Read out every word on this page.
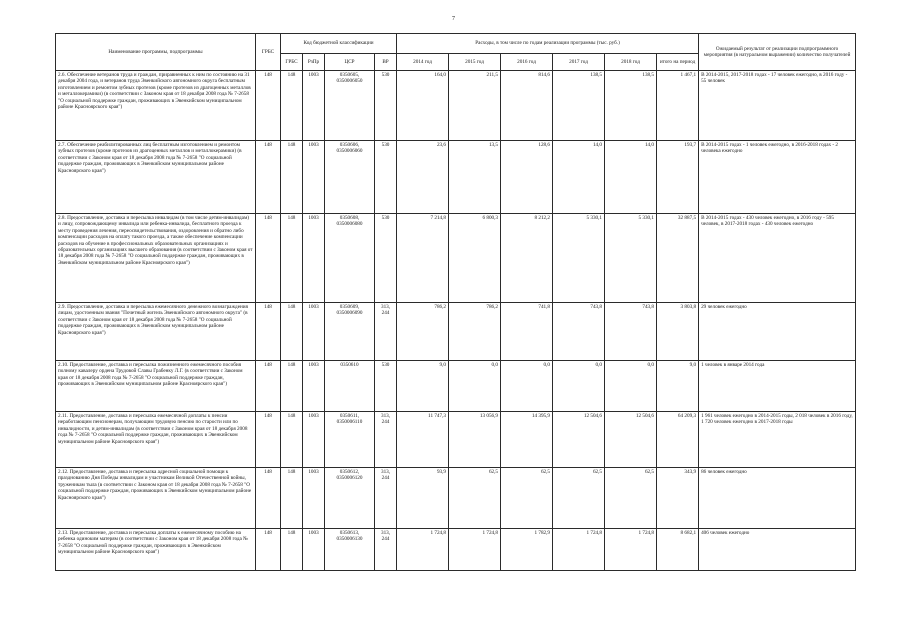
7
Наименование программы, подпрограммы	ГРБС	Код бюджетной классификации				Расходы, в том числе по годам реализации программы (тыс. руб.)						Ожидаемый результат от реализации подпрограммного мероприятия (в натуральном выражении) количество получателей
		ГРБС	РзПр	ЦСР	ВР	2014 год	2015 год	2016 год	2017 год	2018 год	итого на период	
2.6. Обеспечение ветеранов труда и граждан, приравненных к ним по состоянию на 31 декабря 2004 года, и ветеранов труда Эвенкийского автономного округа бесплатным изготовлением и ремонтом зубных протезов (кроме протезов из драгоценных металлов и металлокерамики) (в соответствии с Законом края от 18 декабря 2008 года № 7-2658 "О социальной поддержке граждан, проживающих в Эвенкийском муниципальном районе Красноярского края")	148	148	1003	0350605, 0350006050	530	164,0	211,5	814,6	138,5	138,5	1 467,1	В 2014-2015, 2017-2018 годах - 17 человек ежегодно, в 2016 году - 55 человек
2.7. Обеспечение реабилитированных лиц бесплатным изготовлением и ремонтом зубных протезов (кроме протезов из драгоценных металлов и металлокерамики) (в соответствии с Законом края от 18 декабря 2008 года № 7-2658 "О социальной поддержке граждан, проживающих в Эвенкийском муниципальном районе Красноярского края")	148	148	1003	0350606, 0350006060	530	23,6	13,5	128,6	14,0	14,0	193,7	В 2014-2015 годах - 1 человек ежегодно, в 2016-2018 годах - 2 человека ежегодно
2.8. Предоставление, доставка и пересылка инвалидам (в том числе детям-инвалидам) и лицу, сопровождающему инвалида или ребенка-инвалида, бесплатного проезда к месту проведения лечения, переосвидетельствования, оздоровления и обратно либо компенсации расходов на оплату такого проезда, а также обеспечение компенсации расходов на обучение в профессиональных образовательных организациях и образовательных организациях высшего образования (в соответствии с Законом края от 18 декабря 2008 года № 7-2658 "О социальной поддержке граждан, проживающих в Эвенкийском муниципальном районе Красноярского края")	148	148	1003	0350608, 0350006080	530	7 214,8	6 800,3	8 212,2	5 330,1	5 330,1	32 887,5	В 2014-2015 годах - 430 человек ежегодно, в 2016 году - 595 человек, в 2017-2018 годах - 430 человек ежегодно
2.9. Предоставление, доставка и пересылка ежемесячного денежного вознаграждения лицам, удостоенным звания "Почетный житель Эвенкийского автономного округа" (в соответствии с Законом края от 18 декабря 2008 года № 7-2658 "О социальной поддержке граждан, проживающих в Эвенкийском муниципальном районе Красноярского края")	148	148	1003	0350609, 0350006090	313, 244	786,2	786,2	741,8	743,8	743,8	3 803,8	29 человек ежегодно
2.10. Предоставление, доставка и пересылка пожизненного ежемесячного пособия полному кавалеру ордена Трудовой Славы Грабенку Л.Г. (в соответствии с Законом края от 18 декабря 2008 года № 7-2658 "О социальной поддержке граждан, проживающих в Эвенкийском муниципальном районе Красноярского края")	148	148	1003	0350610	530	9,0	0,0	0,0	0,0	0,0	9,0	1 человек в январе 2014 года
2.11. Предоставление, доставка и пересылка ежемесячной доплаты к пенсии неработающим пенсионерам, получающим трудовую пенсию по старости или по инвалидности, и детям-инвалидам (в соответствии с Законом края от 18 декабря 2008 года № 7-2658 "О социальной поддержке граждан, проживающих в Эвенкийском муниципальном районе Красноярского края")	148	148	1003	0350611, 0350006110	313, 244	11 747,3	13 056,9	14 395,9	12 504,6	12 504,6	64 209,3	1 961 человек ежегодно в 2014-2015 годы, 2 018 человек в 2016 году, 1 720 человек ежегодно в 2017-2018 годы
2.12. Предоставление, доставка и пересылка адресной социальной помощи к празднованию Дня Победы инвалидам и участникам Великой Отечественной войны, труженикам тыла (в соответствии с Законом края от 18 декабря 2008 года № 7-2658 "О социальной поддержке граждан, проживающих в Эвенкийском муниципальном районе Красноярского края")	148	148	1003	0350612, 0350006120	313, 244	93,9	62,5	62,5	62,5	62,5	343,9	86 человек ежегодно
2.13. Предоставление, доставка и пересылка доплаты к ежемесячному пособию на ребенка одиноким матерям (в соответствии с Законом края от 18 декабря 2008 года № 7-2658 "О социальной поддержке граждан, проживающих в Эвенкийском муниципальном районе Красноярского края")	148	148	1003	0350613, 0350006130	313, 244	1 724,8	1 724,8	1 782,9	1 724,8	1 724,8	8 682,1	406 человек ежегодно
